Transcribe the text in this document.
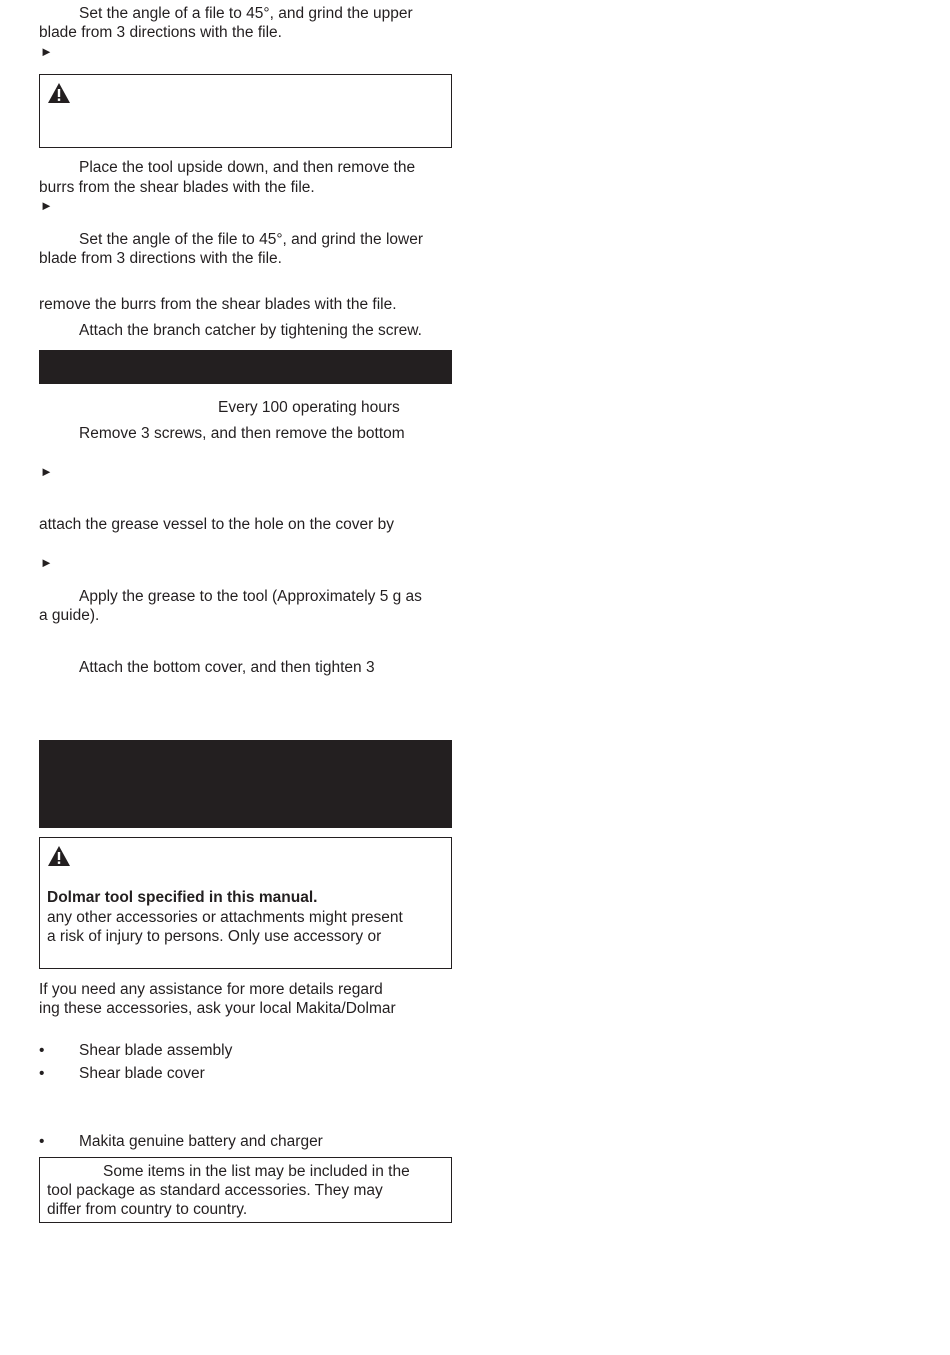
Set the angle of a file to 45°, and grind the upper
blade from 3 directions with the file.
►
Place the tool upside down, and then remove the
burrs from the shear blades with the file.
►
Set the angle of the file to 45°, and grind the lower
blade from 3 directions with the file.
remove the burrs from the shear blades with the file.
Attach the branch catcher by tightening the screw.
Every 100 operating hours
Remove 3 screws, and then remove the bottom
►
attach the grease vessel to the hole on the cover by
►
Apply the grease to the tool (Approximately 5 g as
a guide).
Attach the bottom cover, and then tighten 3
Dolmar tool specified in this manual.
any other accessories or attachments might present
a risk of injury to persons. Only use accessory or
If you need any assistance for more details regard
ing these accessories, ask your local Makita/Dolmar
• Shear blade assembly
• Shear blade cover
• Makita genuine battery and charger
Some items in the list may be included in the
tool package as standard accessories. They may
differ from country to country.
